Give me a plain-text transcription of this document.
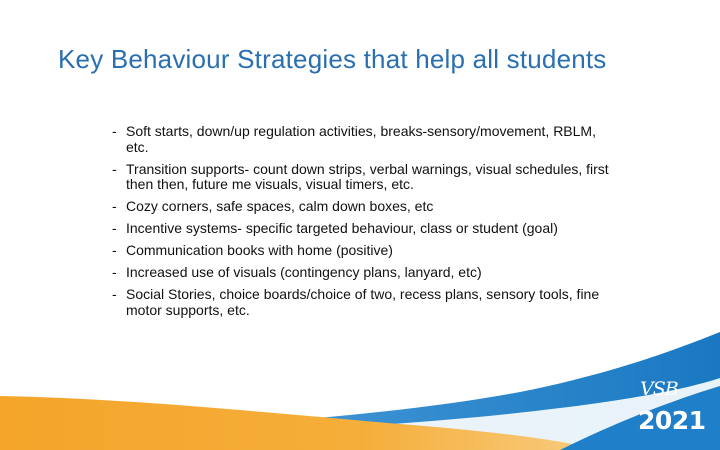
Key Behaviour Strategies that help all students
- Soft starts, down/up regulation activities, breaks-sensory/movement, RBLM, etc.
- Transition supports- count down strips, verbal warnings, visual schedules, first then then, future me visuals, visual timers, etc.
- Cozy corners, safe spaces, calm down boxes, etc
- Incentive systems- specific targeted behaviour, class or student (goal)
- Communication books with home (positive)
- Increased use of visuals (contingency plans, lanyard, etc)
- Social Stories, choice boards/choice of two, recess plans, sensory tools, fine motor supports, etc.
VSB
2021
